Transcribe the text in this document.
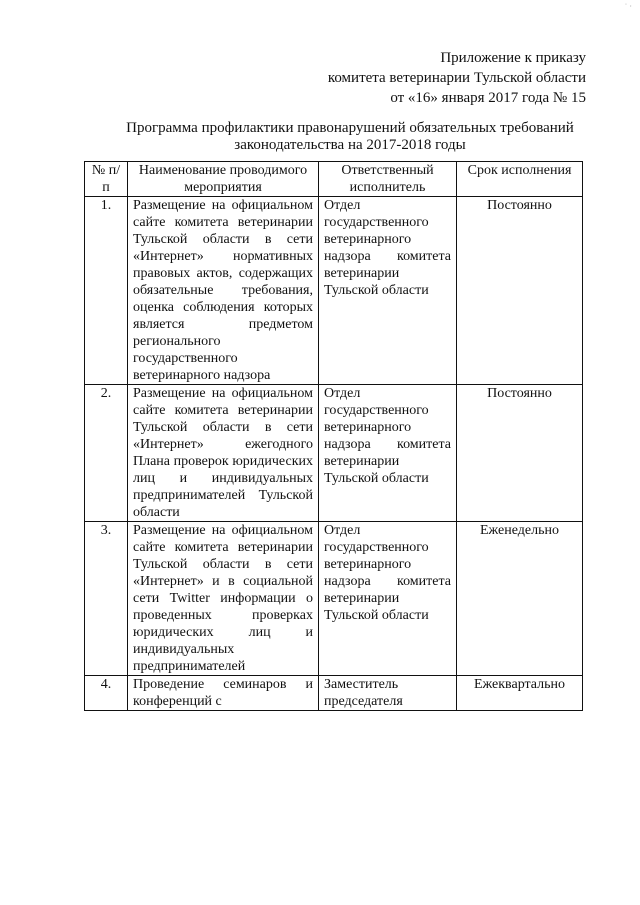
˙ ·
Приложение к приказу
комитета ветеринарии Тульской области
от «16» января 2017 года № 15
Программа профилактики правонарушений обязательных требований
законодательства на 2017-2018 годы
№ п/п	Наименование проводимого мероприятия	Ответственный исполнитель	Срок исполнения
1.	Размещение на официальном сайте комитета ветеринарии Тульской области в сети «Интернет» нормативных правовых актов, содержащих обязательные требования, оценка соблюдения которых является предметом регионального государственного ветеринарного надзора	Отдел государственного ветеринарного надзора комитета ветеринарии Тульской области	Постоянно
2.	Размещение на официальном сайте комитета ветеринарии Тульской области в сети «Интернет» ежегодного Плана проверок юридических лиц и индивидуальных предпринимателей Тульской области	Отдел государственного ветеринарного надзора комитета ветеринарии Тульской области	Постоянно
3.	Размещение на официальном сайте комитета ветеринарии Тульской области в сети «Интернет» и в социальной сети Twitter информации о проведенных проверках юридических лиц и индивидуальных предпринимателей	Отдел государственного ветеринарного надзора комитета ветеринарии Тульской области	Еженедельно
4.	Проведение семинаров и конференций с	Заместитель председателя	Ежеквартально
